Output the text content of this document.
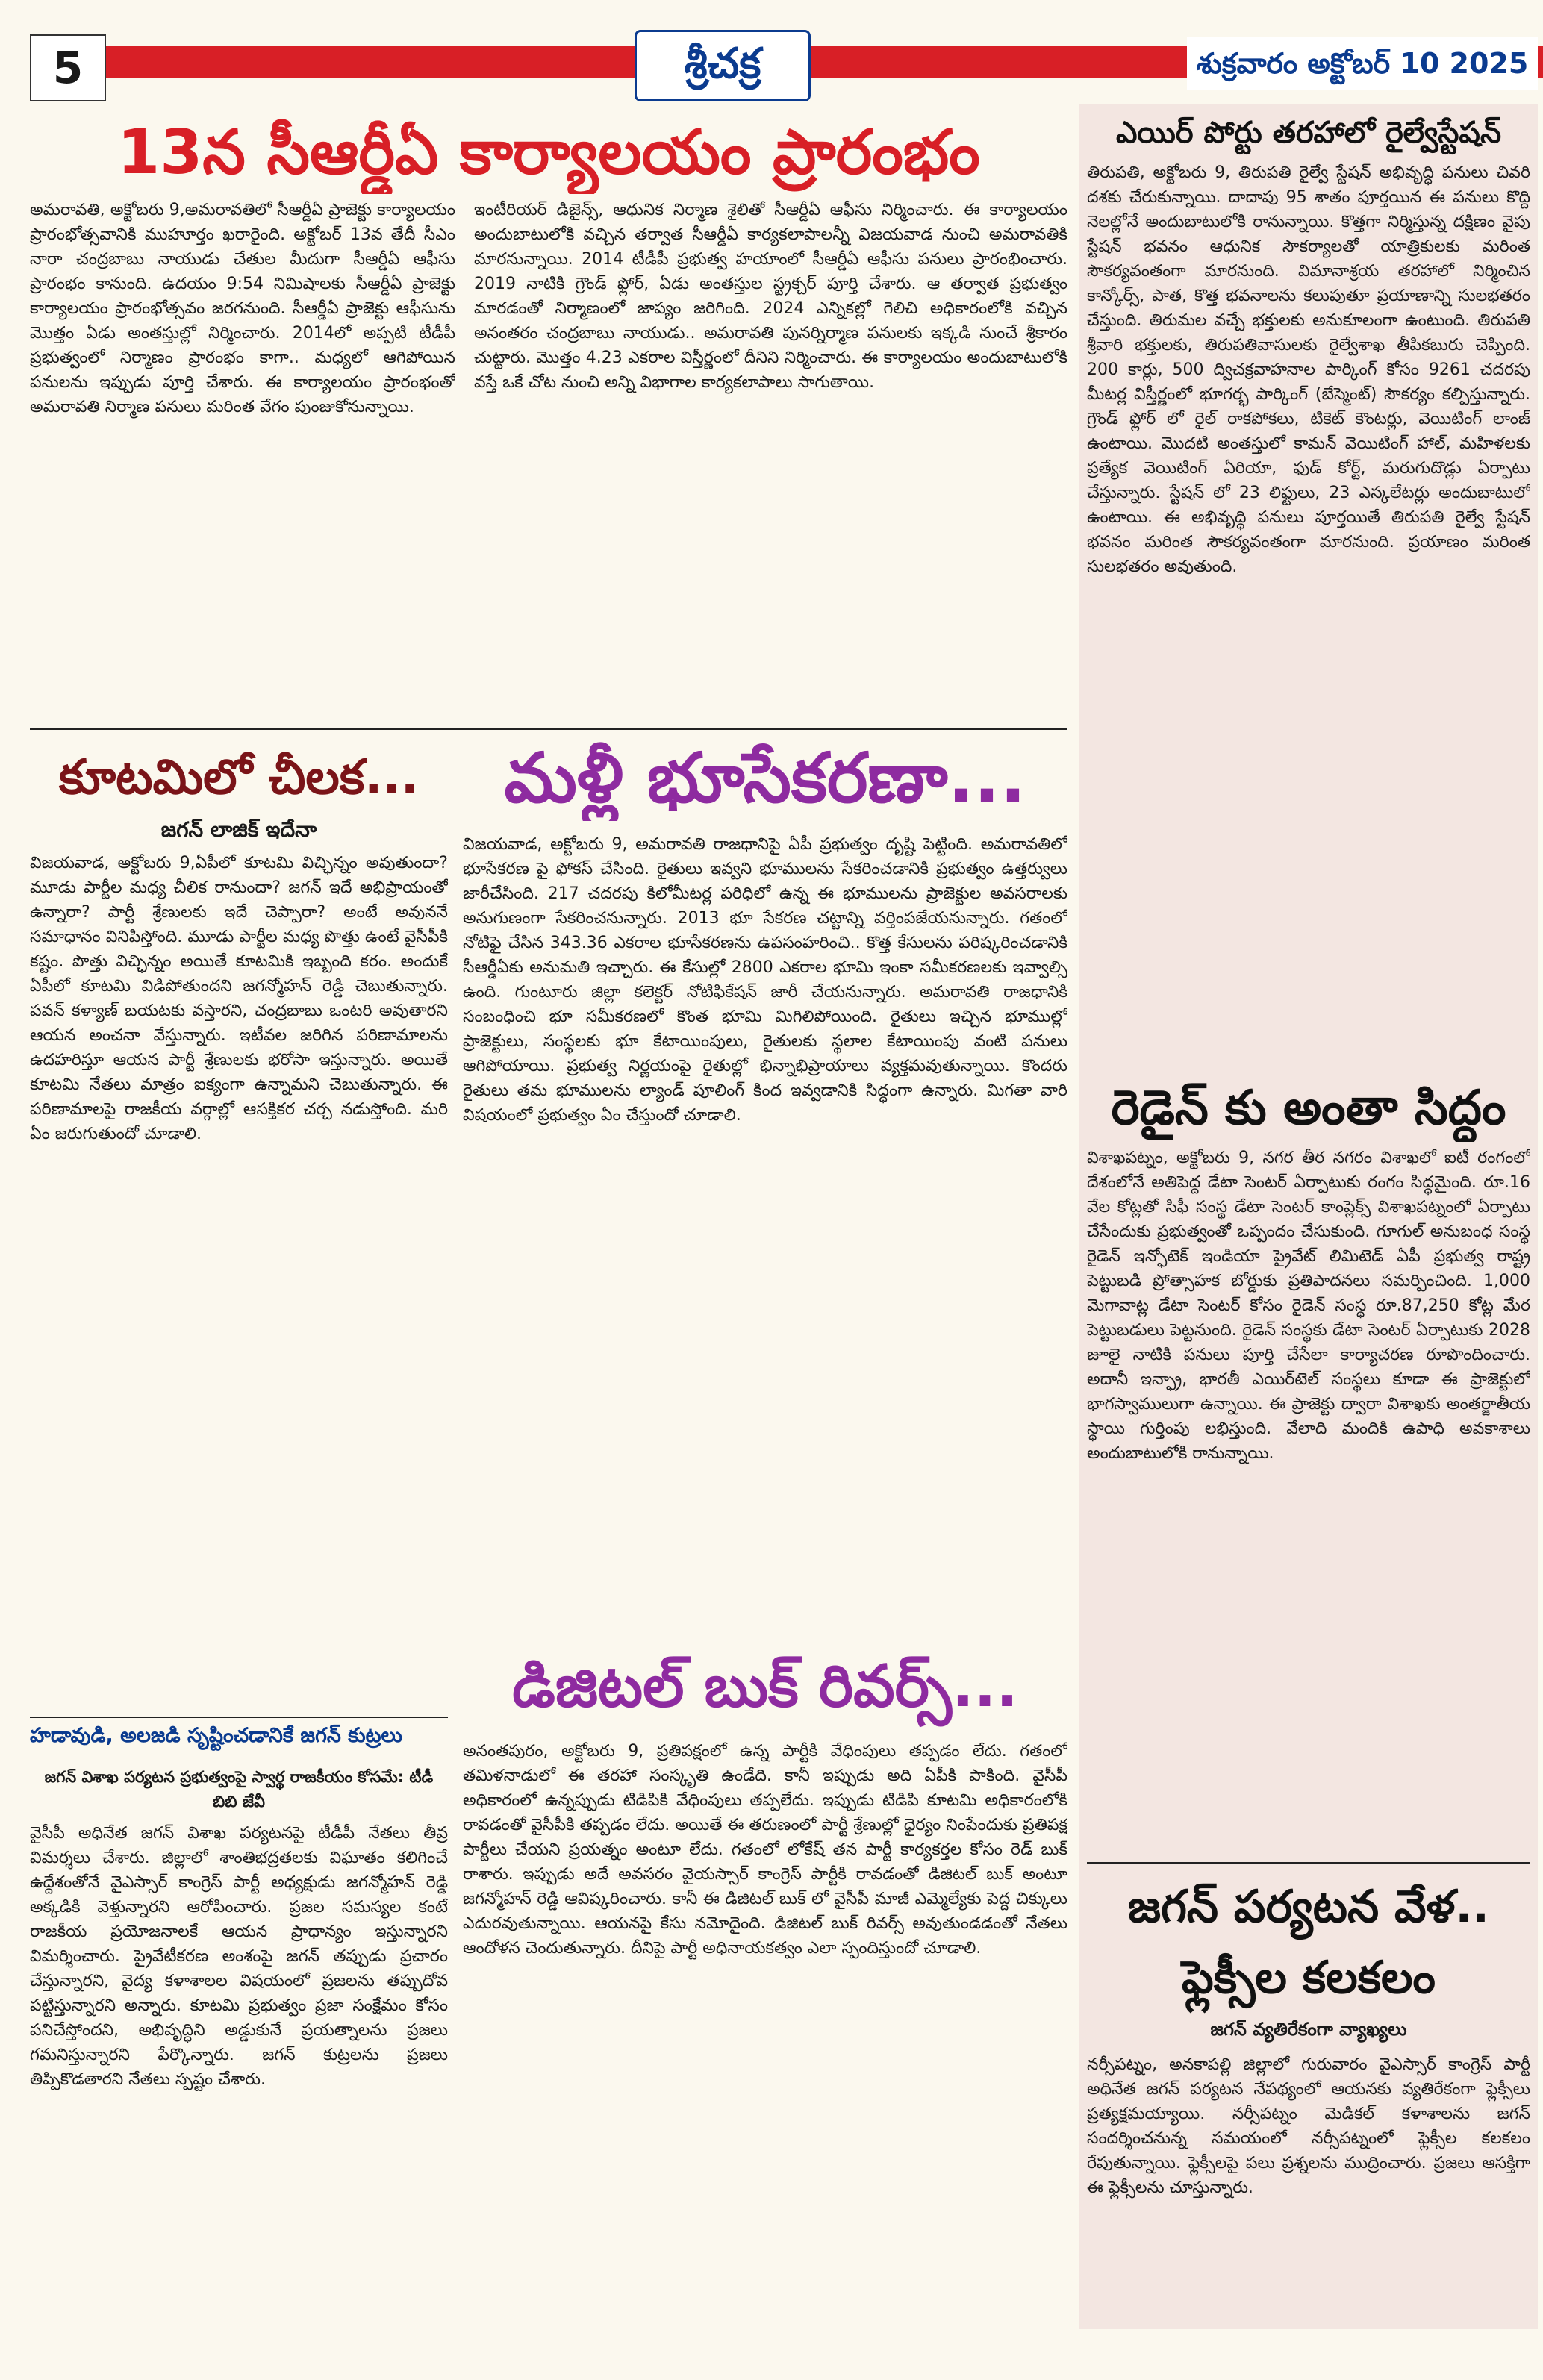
5	శ్రీచక్ర	శుక్రవారం అక్టోబర్ 10 2025
13న సీఆర్డీఏ కార్యాలయం ప్రారంభం
అమరావతి, అక్టోబరు 9,అమరావతిలో సీఆర్డీఏ ప్రాజెక్టు కార్యాలయం ప్రారంభోత్సవానికి ముహూర్తం ఖరారైంది. అక్టోబర్ 13వ తేదీ సీఎం నారా చంద్రబాబు నాయుడు చేతుల మీదుగా సీఆర్డీఏ ఆఫీసు ప్రారంభం కానుంది. ఉదయం 9:54 నిమిషాలకు సీఆర్డీఏ ప్రాజెక్టు కార్యాలయం ప్రారంభోత్సవం జరగనుంది. సీఆర్డీఏ ప్రాజెక్టు ఆఫీసును మొత్తం ఏడు అంతస్తుల్లో నిర్మించారు. 2014లో అప్పటి టీడీపీ ప్రభుత్వంలో నిర్మాణం ప్రారంభం కాగా.. మధ్యలో ఆగిపోయిన పనులను ఇప్పుడు పూర్తి చేశారు. ఈ కార్యాలయం ప్రారంభంతో అమరావతి నిర్మాణ పనులు మరింత వేగం పుంజుకోనున్నాయి.
ఇంటీరియర్ డిజైన్స్, ఆధునిక నిర్మాణ శైలితో సీఆర్డీఏ ఆఫీసు నిర్మించారు. ఈ కార్యాలయం అందుబాటులోకి వచ్చిన తర్వాత సీఆర్డీఏ కార్యకలాపాలన్నీ విజయవాడ నుంచి అమరావతికి మారనున్నాయి. 2014 టీడీపీ ప్రభుత్వ హయాంలో సీఆర్డీఏ ఆఫీసు పనులు ప్రారంభించారు. 2019 నాటికి గ్రౌండ్ ఫ్లోర్, ఏడు అంతస్తుల స్ట్రక్చర్ పూర్తి చేశారు. ఆ తర్వాత ప్రభుత్వం మారడంతో నిర్మాణంలో జాప్యం జరిగింది. 2024 ఎన్నికల్లో గెలిచి అధికారంలోకి వచ్చిన అనంతరం చంద్రబాబు నాయుడు.. అమరావతి పునర్నిర్మాణ పనులకు ఇక్కడి నుంచే శ్రీకారం చుట్టారు. మొత్తం 4.23 ఎకరాల విస్తీర్ణంలో దీనిని నిర్మించారు. ఈ కార్యాలయం అందుబాటులోకి వస్తే ఒకే చోట నుంచి అన్ని విభాగాల కార్యకలాపాలు సాగుతాయి.
కూటమిలో చీలక...
జగన్ లాజిక్ ఇదేనా
విజయవాడ, అక్టోబరు 9,ఏపీలో కూటమి విచ్ఛిన్నం అవుతుందా? మూడు పార్టీల మధ్య చీలిక రానుందా? జగన్ ఇదే అభిప్రాయంతో ఉన్నారా? పార్టీ శ్రేణులకు ఇదే చెప్పారా? అంటే అవుననే సమాధానం వినిపిస్తోంది. మూడు పార్టీల మధ్య పొత్తు ఉంటే వైసీపీకి కష్టం. పొత్తు విచ్ఛిన్నం అయితే కూటమికి ఇబ్బంది కరం. అందుకే ఏపీలో కూటమి విడిపోతుందని జగన్మోహన్ రెడ్డి చెబుతున్నారు. పవన్ కళ్యాణ్ బయటకు వస్తారని, చంద్రబాబు ఒంటరి అవుతారని ఆయన అంచనా వేస్తున్నారు. ఇటీవల జరిగిన పరిణామాలను ఉదహరిస్తూ ఆయన పార్టీ శ్రేణులకు భరోసా ఇస్తున్నారు. అయితే కూటమి నేతలు మాత్రం ఐక్యంగా ఉన్నామని చెబుతున్నారు. ఈ పరిణామాలపై రాజకీయ వర్గాల్లో ఆసక్తికర చర్చ నడుస్తోంది. మరి ఏం జరుగుతుందో చూడాలి.
మళ్లీ భూసేకరణా...
విజయవాడ, అక్టోబరు 9, అమరావతి రాజధానిపై ఏపీ ప్రభుత్వం దృష్టి పెట్టింది. అమరావతిలో భూసేకరణ పై ఫోకస్ చేసింది. రైతులు ఇవ్వని భూములను సేకరించడానికి ప్రభుత్వం ఉత్తర్వులు జారీచేసింది. 217 చదరపు కిలోమీటర్ల పరిధిలో ఉన్న ఈ భూములను ప్రాజెక్టుల అవసరాలకు అనుగుణంగా సేకరించనున్నారు. 2013 భూ సేకరణ చట్టాన్ని వర్తింపజేయనున్నారు. గతంలో నోటిఫై చేసిన 343.36 ఎకరాల భూసేకరణను ఉపసంహరించి.. కొత్త కేసులను పరిష్కరించడానికి సీఆర్డీఏకు అనుమతి ఇచ్చారు. ఈ కేసుల్లో 2800 ఎకరాల భూమి ఇంకా సమీకరణలకు ఇవ్వాల్సి ఉంది. గుంటూరు జిల్లా కలెక్టర్ నోటిఫికేషన్ జారీ చేయనున్నారు. అమరావతి రాజధానికి సంబంధించి భూ సమీకరణలో కొంత భూమి మిగిలిపోయింది. రైతులు ఇచ్చిన భూముల్లో ప్రాజెక్టులు, సంస్థలకు భూ కేటాయింపులు, రైతులకు స్థలాల కేటాయింపు వంటి పనులు ఆగిపోయాయి. ప్రభుత్వ నిర్ణయంపై రైతుల్లో భిన్నాభిప్రాయాలు వ్యక్తమవుతున్నాయి. కొందరు రైతులు తమ భూములను ల్యాండ్ పూలింగ్ కింద ఇవ్వడానికి సిద్ధంగా ఉన్నారు. మిగతా వారి విషయంలో ప్రభుత్వం ఏం చేస్తుందో చూడాలి.
డిజిటల్ బుక్ రివర్స్...
అనంతపురం, అక్టోబరు 9, ప్రతిపక్షంలో ఉన్న పార్టీకి వేధింపులు తప్పడం లేదు. గతంలో తమిళనాడులో ఈ తరహా సంస్కృతి ఉండేది. కానీ ఇప్పుడు అది ఏపీకి పాకింది. వైసీపీ అధికారంలో ఉన్నప్పుడు టిడిపికి వేధింపులు తప్పలేదు. ఇప్పుడు టిడిపి కూటమి అధికారంలోకి రావడంతో వైసీపీకి తప్పడం లేదు. అయితే ఈ తరుణంలో పార్టీ శ్రేణుల్లో ధైర్యం నింపేందుకు ప్రతిపక్ష పార్టీలు చేయని ప్రయత్నం అంటూ లేదు. గతంలో లోకేష్ తన పార్టీ కార్యకర్తల కోసం రెడ్ బుక్ రాశారు. ఇప్పుడు అదే అవసరం వైయస్సార్ కాంగ్రెస్ పార్టీకి రావడంతో డిజిటల్ బుక్ అంటూ జగన్మోహన్ రెడ్డి ఆవిష్కరించారు. కానీ ఈ డిజిటల్ బుక్ లో వైసీపీ మాజీ ఎమ్మెల్యేకు పెద్ద చిక్కులు ఎదురవుతున్నాయి. ఆయనపై కేసు నమోదైంది. డిజిటల్ బుక్ రివర్స్ అవుతుండడంతో నేతలు ఆందోళన చెందుతున్నారు. దీనిపై పార్టీ అధినాయకత్వం ఎలా స్పందిస్తుందో చూడాలి.
హడావుడి, అలజడి సృష్టించడానికే జగన్ కుట్రలు
జగన్ విశాఖ పర్యటన ప్రభుత్వంపై స్వార్థ రాజకీయం కోసమే: టీడీ బిబి జేవీ
వైసీపీ అధినేత జగన్ విశాఖ పర్యటనపై టీడీపీ నేతలు తీవ్ర విమర్శలు చేశారు. జిల్లాలో శాంతిభద్రతలకు విఘాతం కలిగించే ఉద్దేశంతోనే వైఎస్సార్ కాంగ్రెస్ పార్టీ అధ్యక్షుడు జగన్మోహన్ రెడ్డి అక్కడికి వెళ్తున్నారని ఆరోపించారు. ప్రజల సమస్యల కంటే రాజకీయ ప్రయోజనాలకే ఆయన ప్రాధాన్యం ఇస్తున్నారని విమర్శించారు. ప్రైవేటీకరణ అంశంపై జగన్ తప్పుడు ప్రచారం చేస్తున్నారని, వైద్య కళాశాలల విషయంలో ప్రజలను తప్పుదోవ పట్టిస్తున్నారని అన్నారు. కూటమి ప్రభుత్వం ప్రజా సంక్షేమం కోసం పనిచేస్తోందని, అభివృద్ధిని అడ్డుకునే ప్రయత్నాలను ప్రజలు గమనిస్తున్నారని పేర్కొన్నారు. జగన్ కుట్రలను ప్రజలు తిప్పికొడతారని నేతలు స్పష్టం చేశారు.
ఎయిర్ పోర్టు తరహాలో రైల్వేస్టేషన్
తిరుపతి, అక్టోబరు 9, తిరుపతి రైల్వే స్టేషన్ అభివృద్ధి పనులు చివరి దశకు చేరుకున్నాయి. దాదాపు 95 శాతం పూర్తయిన ఈ పనులు కొద్ది నెలల్లోనే అందుబాటులోకి రానున్నాయి. కొత్తగా నిర్మిస్తున్న దక్షిణం వైపు స్టేషన్ భవనం ఆధునిక సౌకర్యాలతో యాత్రికులకు మరింత సౌకర్యవంతంగా మారనుంది. విమానాశ్రయ తరహాలో నిర్మించిన కాన్కోర్స్, పాత, కొత్త భవనాలను కలుపుతూ ప్రయాణాన్ని సులభతరం చేస్తుంది. తిరుమల వచ్చే భక్తులకు అనుకూలంగా ఉంటుంది. తిరుపతి శ్రీవారి భక్తులకు, తిరుపతివాసులకు రైల్వేశాఖ తీపికబురు చెప్పింది. 200 కార్లు, 500 ద్విచక్రవాహనాల పార్కింగ్ కోసం 9261 చదరపు మీటర్ల విస్తీర్ణంలో భూగర్భ పార్కింగ్ (బేస్మెంట్) సౌకర్యం కల్పిస్తున్నారు. గ్రౌండ్ ఫ్లోర్ లో రైల్ రాకపోకలు, టికెట్ కౌంటర్లు, వెయిటింగ్ లాంజ్ ఉంటాయి. మొదటి అంతస్తులో కామన్ వెయిటింగ్ హాల్, మహిళలకు ప్రత్యేక వెయిటింగ్ ఏరియా, ఫుడ్ కోర్ట్, మరుగుదొడ్లు ఏర్పాటు చేస్తున్నారు. స్టేషన్ లో 23 లిఫ్టులు, 23 ఎస్కలేటర్లు అందుబాటులో ఉంటాయి. ఈ అభివృద్ధి పనులు పూర్తయితే తిరుపతి రైల్వే స్టేషన్ భవనం మరింత సౌకర్యవంతంగా మారనుంది. ప్రయాణం మరింత సులభతరం అవుతుంది.
రెడైన్ కు అంతా సిద్ధం
విశాఖపట్నం, అక్టోబరు 9, నగర తీర నగరం విశాఖలో ఐటీ రంగంలో దేశంలోనే అతిపెద్ద డేటా సెంటర్ ఏర్పాటుకు రంగం సిద్ధమైంది. రూ.16 వేల కోట్లతో సిఫీ సంస్థ డేటా సెంటర్ కాంప్లెక్స్ విశాఖపట్నంలో ఏర్పాటు చేసేందుకు ప్రభుత్వంతో ఒప్పందం చేసుకుంది. గూగుల్ అనుబంధ సంస్థ రైడెన్ ఇన్ఫోటెక్ ఇండియా ప్రైవేట్ లిమిటెడ్ ఏపీ ప్రభుత్వ రాష్ట్ర పెట్టుబడి ప్రోత్సాహక బోర్డుకు ప్రతిపాదనలు సమర్పించింది. 1,000 మెగావాట్ల డేటా సెంటర్ కోసం రైడెన్ సంస్థ రూ.87,250 కోట్ల మేర పెట్టుబడులు పెట్టనుంది. రైడెన్ సంస్థకు డేటా సెంటర్ ఏర్పాటుకు 2028 జూలై నాటికి పనులు పూర్తి చేసేలా కార్యాచరణ రూపొందించారు. అదానీ ఇన్ఫ్రా, భారతీ ఎయిర్‌టెల్ సంస్థలు కూడా ఈ ప్రాజెక్టులో భాగస్వాములుగా ఉన్నాయి. ఈ ప్రాజెక్టు ద్వారా విశాఖకు అంతర్జాతీయ స్థాయి గుర్తింపు లభిస్తుంది. వేలాది మందికి ఉపాధి అవకాశాలు అందుబాటులోకి రానున్నాయి.
జగన్ పర్యటన వేళ..
ఫ్లెక్సీల కలకలం
జగన్ వ్యతిరేకంగా వ్యాఖ్యలు
నర్సీపట్నం, అనకాపల్లి జిల్లాలో గురువారం వైఎస్సార్ కాంగ్రెస్ పార్టీ అధినేత జగన్ పర్యటన నేపథ్యంలో ఆయనకు వ్యతిరేకంగా ఫ్లెక్సీలు ప్రత్యక్షమయ్యాయి. నర్సీపట్నం మెడికల్ కళాశాలను జగన్ సందర్శించనున్న సమయంలో నర్సీపట్నంలో ఫ్లెక్సీల కలకలం రేపుతున్నాయి. ఫ్లెక్సీలపై పలు ప్రశ్నలను ముద్రించారు. ప్రజలు ఆసక్తిగా ఈ ఫ్లెక్సీలను చూస్తున్నారు.
